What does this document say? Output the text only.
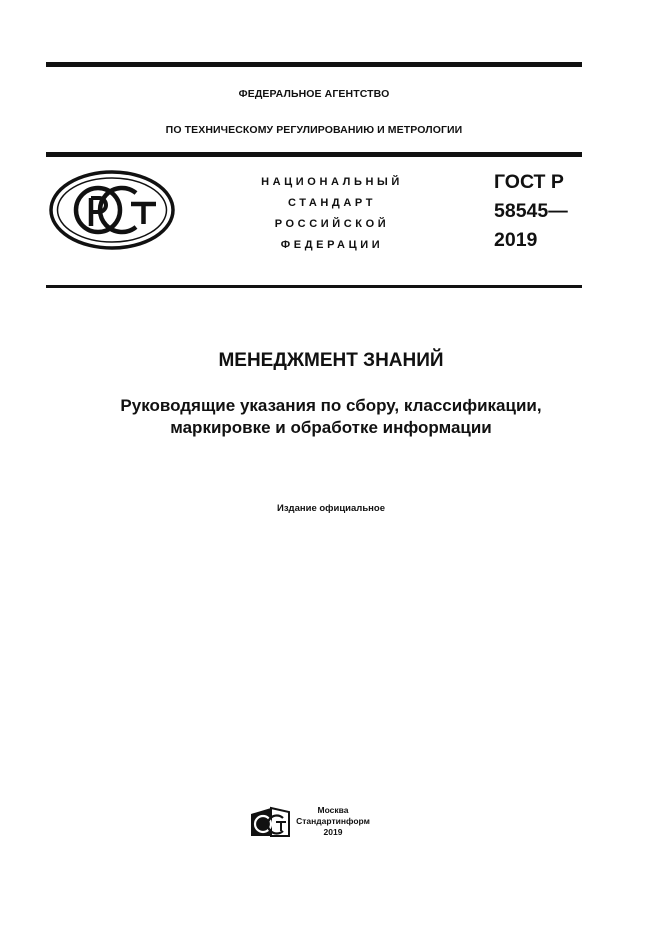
ФЕДЕРАЛЬНОЕ АГЕНТСТВО
ПО ТЕХНИЧЕСКОМУ РЕГУЛИРОВАНИЮ И МЕТРОЛОГИИ
НАЦИОНАЛЬНЫЙ
СТАНДАРТ
РОССИЙСКОЙ
ФЕДЕРАЦИИ
ГОСТ Р
58545—
2019
МЕНЕДЖМЕНТ ЗНАНИЙ
Руководящие указания по сбору, классификации,
маркировке и обработке информации
Издание официальное
Москва
Стандартинформ
2019
